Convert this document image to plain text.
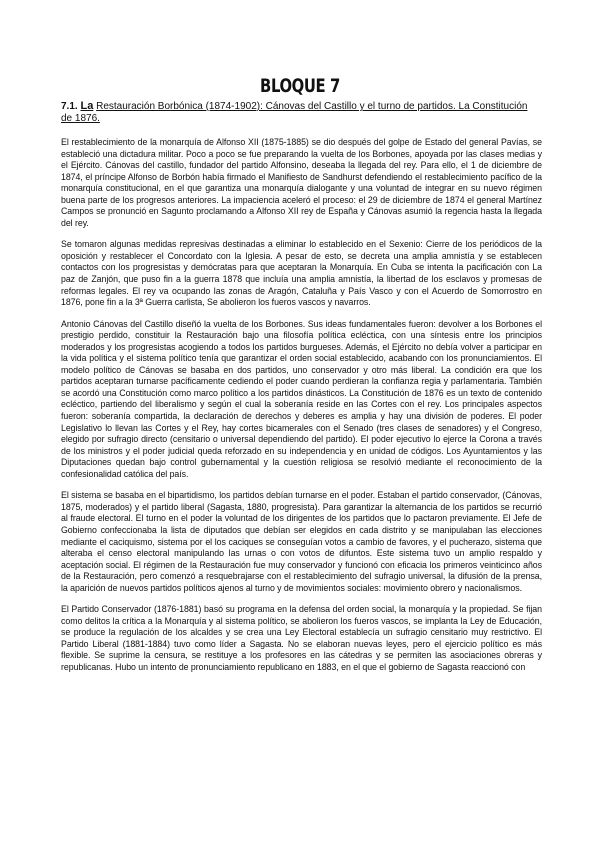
BLOQUE 7
7.1. La Restauración Borbónica (1874-1902): Cánovas del Castillo y el turno de partidos. La Constitución de 1876.

El restablecimiento de la monarquía de Alfonso XII (1875-1885) se dio después del golpe de Estado del general Pavías, se estableció una dictadura militar. Poco a poco se fue preparando la vuelta de los Borbones, apoyada por las clases medias y el Ejército. Cánovas del castillo, fundador del partido Alfonsino, deseaba la llegada del rey. Para ello, el 1 de diciembre de 1874, el príncipe Alfonso de Borbón había firmado el Manifiesto de Sandhurst defendiendo el restablecimiento pacífico de la monarquía constitucional, en el que garantiza una monarquía dialogante y una voluntad de integrar en su nuevo régimen buena parte de los progresos anteriores. La impaciencia aceleró el proceso: el 29 de diciembre de 1874 el general Martínez Campos se pronunció en Sagunto proclamando a Alfonso XII rey de España y Cánovas asumió la regencia hasta la llegada del rey.

Se tomaron algunas medidas represivas destinadas a eliminar lo establecido en el Sexenio: Cierre de los periódicos de la oposición y restablecer el Concordato con la Iglesia. A pesar de esto, se decreta una amplia amnistía y se establecen contactos con los progresistas y demócratas para que aceptaran la Monarquía. En Cuba se intenta la pacificación con La paz de Zanjón, que puso fin a la guerra 1878 que incluía una amplia amnistía, la libertad de los esclavos y promesas de reformas legales. El rey va ocupando las zonas de Aragón, Cataluña y País Vasco y con el Acuerdo de Somorrostro en 1876, pone fin a la 3ª Guerra carlista, Se abolieron los fueros vascos y navarros.

Antonio Cánovas del Castillo diseñó la vuelta de los Borbones. Sus ideas fundamentales fueron: devolver a los Borbones el prestigio perdido, constituir la Restauración bajo una filosofía política ecléctica, con una síntesis entre los principios moderados y los progresistas acogiendo a todos los partidos burgueses. Además, el Ejército no debía volver a participar en la vida política y el sistema político tenía que garantizar el orden social establecido, acabando con los pronunciamientos. El modelo político de Cánovas se basaba en dos partidos, uno conservador y otro más liberal. La condición era que los partidos aceptaran turnarse pacíficamente cediendo el poder cuando perdieran la confianza regia y parlamentaria. También se acordó una Constitución como marco político a los partidos dinásticos. La Constitución de 1876 es un texto de contenido ecléctico, partiendo del liberalismo y según el cual la soberanía reside en las Cortes con el rey. Los principales aspectos fueron: soberanía compartida, la declaración de derechos y deberes es amplia y hay una división de poderes. El poder Legislativo lo llevan las Cortes y el Rey, hay cortes bicamerales con el Senado (tres clases de senadores) y el Congreso, elegido por sufragio directo (censitario o universal dependiendo del partido). El poder ejecutivo lo ejerce la Corona a través de los ministros y el poder judicial queda reforzado en su independencia y en unidad de códigos. Los Ayuntamientos y las Diputaciones quedan bajo control gubernamental y la cuestión religiosa se resolvió mediante el reconocimiento de la confesionalidad católica del país.

El sistema se basaba en el bipartidismo, los partidos debían turnarse en el poder. Estaban el partido conservador, (Cánovas, 1875, moderados) y el partido liberal (Sagasta, 1880, progresista). Para garantizar la alternancia de los partidos se recurrió al fraude electoral. El turno en el poder la voluntad de los dirigentes de los partidos que lo pactaron previamente. El Jefe de Gobierno confeccionaba la lista de diputados que debían ser elegidos en cada distrito y se manipulaban las elecciones mediante el caciquismo, sistema por el los caciques se conseguían votos a cambio de favores, y el pucherazo, sistema que alteraba el censo electoral manipulando las urnas o con votos de difuntos. Este sistema tuvo un amplio respaldo y aceptación social. El régimen de la Restauración fue muy conservador y funcionó con eficacia los primeros veinticinco años de la Restauración, pero comenzó a resquebrajarse con el restablecimiento del sufragio universal, la difusión de la prensa, la aparición de nuevos partidos políticos ajenos al turno y de movimientos sociales: movimiento obrero y nacionalismos.

El Partido Conservador (1876-1881) basó su programa en la defensa del orden social, la monarquía y la propiedad. Se fijan como delitos la crítica a la Monarquía y al sistema político, se abolieron los fueros vascos, se implanta la Ley de Educación, se produce la regulación de los alcaldes y se crea una Ley Electoral establecía un sufragio censitario muy restrictivo. El Partido Liberal (1881-1884) tuvo como líder a Sagasta. No se elaboran nuevas leyes, pero el ejercicio político es más flexible. Se suprime la censura, se restituye a los profesores en las cátedras y se permiten las asociaciones obreras y republicanas. Hubo un intento de pronunciamiento republicano en 1883, en el que el gobierno de Sagasta reaccionó con
